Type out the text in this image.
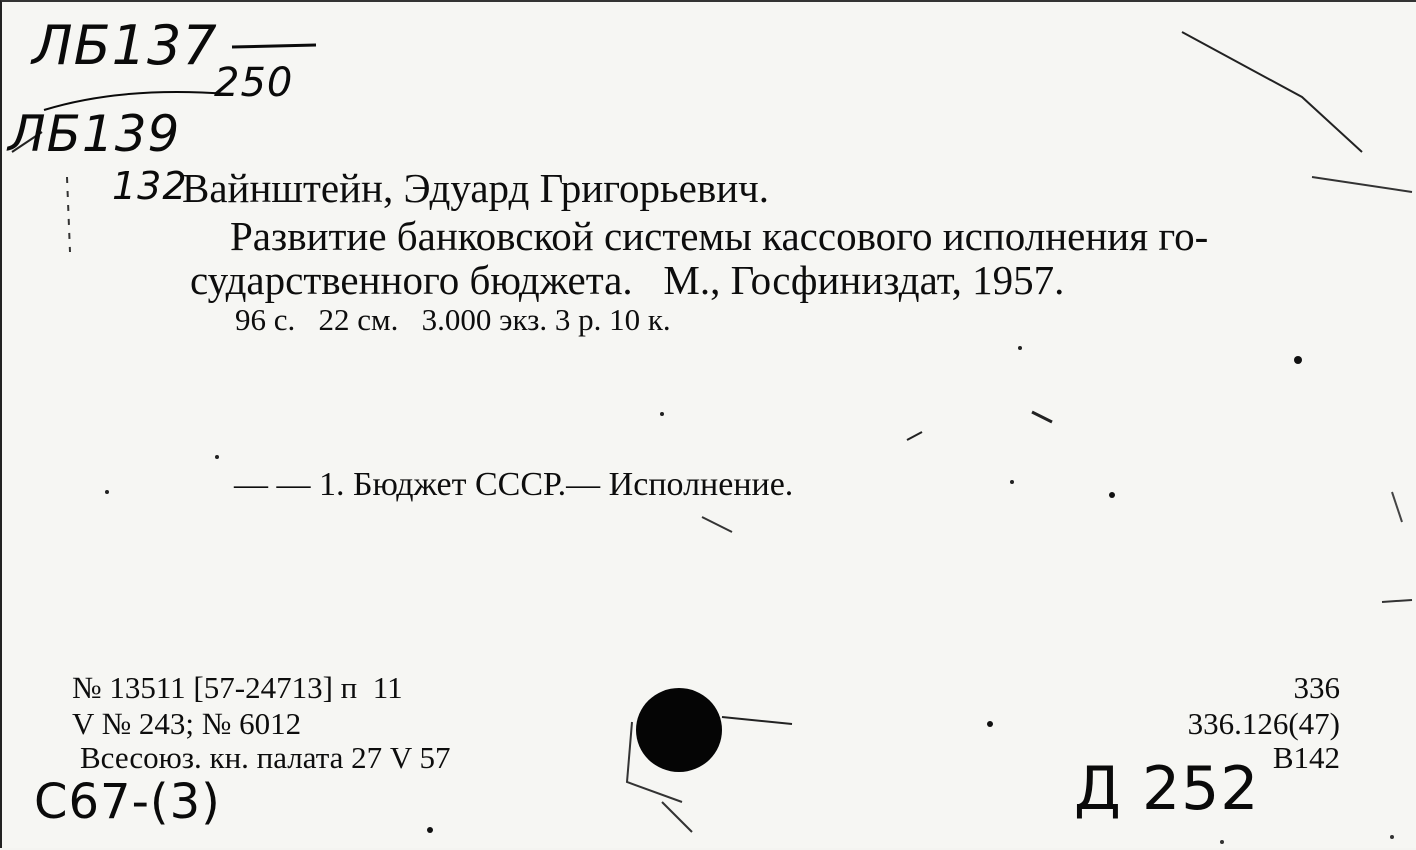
ЛБ137
250
ЛБ139
132
Вайнштейн, Эдуард Григорьевич.
Развитие банковской системы кассового исполнения го-
сударственного бюджета.   М., Госфиниздат, 1957.
96 с.   22 см.   3.000 экз. 3 р. 10 к.
— — 1. Бюджет СССР.— Исполнение.
№ 13511 [57-24713] п  11
V № 243; № 6012
Всесоюз. кн. палата 27 V 57
336
336.126(47)
В142
C67-(3)	Д 252
